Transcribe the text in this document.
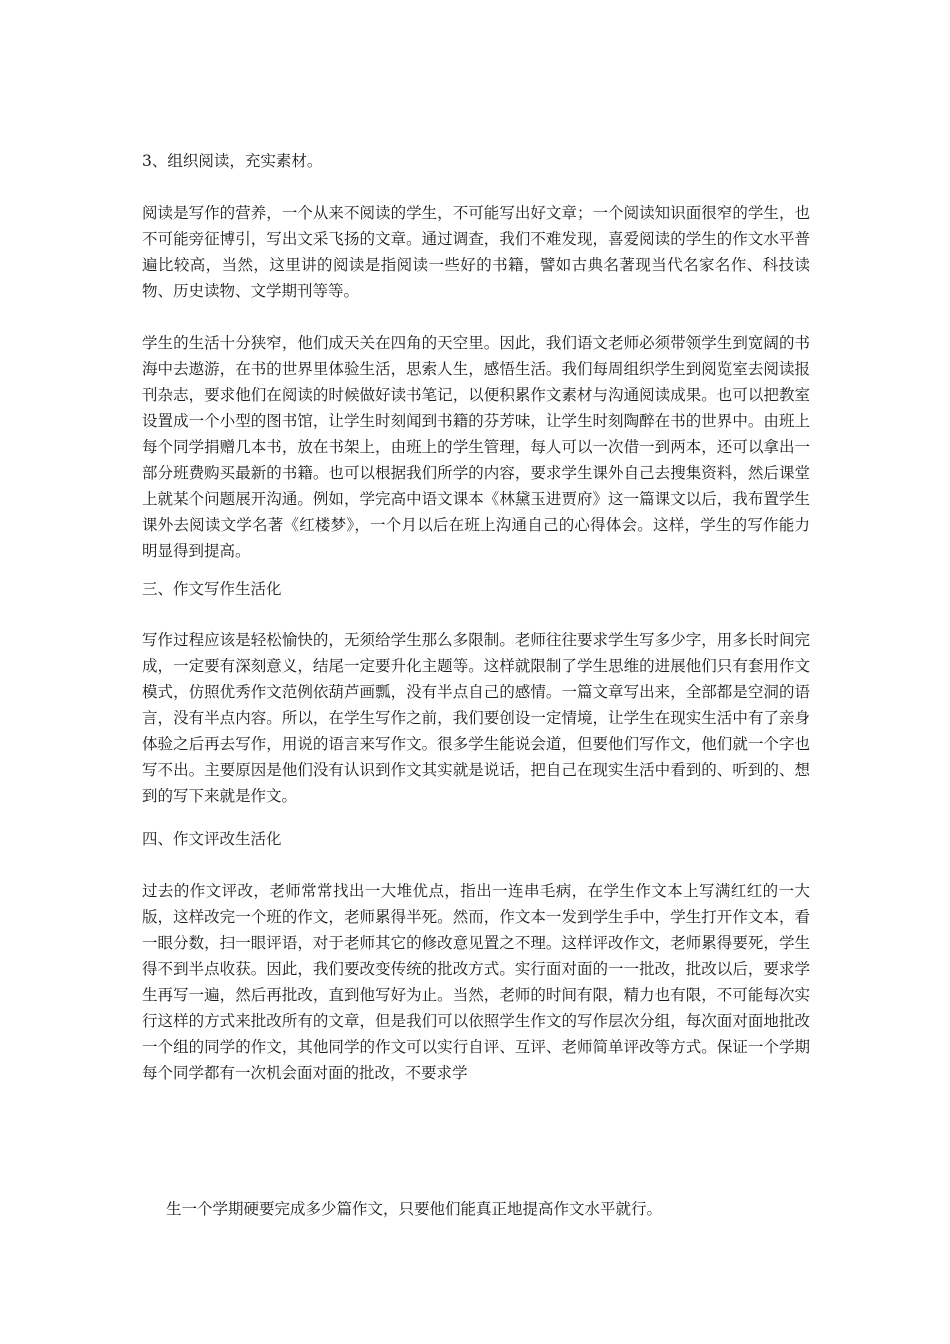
3、组织阅读，充实素材。

阅读是写作的营养，一个从来不阅读的学生，不可能写出好文章；一个阅读知识面很窄的学生，也不可能旁征博引，写出文采飞扬的文章。通过调查，我们不难发现，喜爱阅读的学生的作文水平普遍比较高，当然，这里讲的阅读是指阅读一些好的书籍，譬如古典名著现当代名家名作、科技读物、历史读物、文学期刊等等。

学生的生活十分狭窄，他们成天关在四角的天空里。因此，我们语文老师必须带领学生到宽阔的书海中去遨游，在书的世界里体验生活，思索人生，感悟生活。我们每周组织学生到阅览室去阅读报刊杂志，要求他们在阅读的时候做好读书笔记，以便积累作文素材与沟通阅读成果。也可以把教室设置成一个小型的图书馆，让学生时刻闻到书籍的芬芳味，让学生时刻陶醉在书的世界中。由班上每个同学捐赠几本书，放在书架上，由班上的学生管理，每人可以一次借一到两本，还可以拿出一部分班费购买最新的书籍。也可以根据我们所学的内容，要求学生课外自己去搜集资料，然后课堂上就某个问题展开沟通。例如，学完高中语文课本《林黛玉进贾府》这一篇课文以后，我布置学生课外去阅读文学名著《红楼梦》，一个月以后在班上沟通自己的心得体会。这样，学生的写作能力明显得到提高。

三、作文写作生活化

写作过程应该是轻松愉快的，无须给学生那么多限制。老师往往要求学生写多少字，用多长时间完成，一定要有深刻意义，结尾一定要升化主题等。这样就限制了学生思维的进展他们只有套用作文模式，仿照优秀作文范例依葫芦画瓢，没有半点自己的感情。一篇文章写出来，全部都是空洞的语言，没有半点内容。所以，在学生写作之前，我们要创设一定情境，让学生在现实生活中有了亲身体验之后再去写作，用说的语言来写作文。很多学生能说会道，但要他们写作文，他们就一个字也写不出。主要原因是他们没有认识到作文其实就是说话，把自己在现实生活中看到的、听到的、想到的写下来就是作文。

四、作文评改生活化

过去的作文评改，老师常常找出一大堆优点，指出一连串毛病，在学生作文本上写满红红的一大版，这样改完一个班的作文，老师累得半死。然而，作文本一发到学生手中，学生打开作文本，看一眼分数，扫一眼评语，对于老师其它的修改意见置之不理。这样评改作文，老师累得要死，学生得不到半点收获。因此，我们要改变传统的批改方式。实行面对面的一一批改，批改以后，要求学生再写一遍，然后再批改，直到他写好为止。当然，老师的时间有限，精力也有限，不可能每次实行这样的方式来批改所有的文章，但是我们可以依照学生作文的写作层次分组，每次面对面地批改一个组的同学的作文，其他同学的作文可以实行自评、互评、老师简单评改等方式。保证一个学期每个同学都有一次机会面对面的批改，不要求学

生一个学期硬要完成多少篇作文，只要他们能真正地提高作文水平就行。
